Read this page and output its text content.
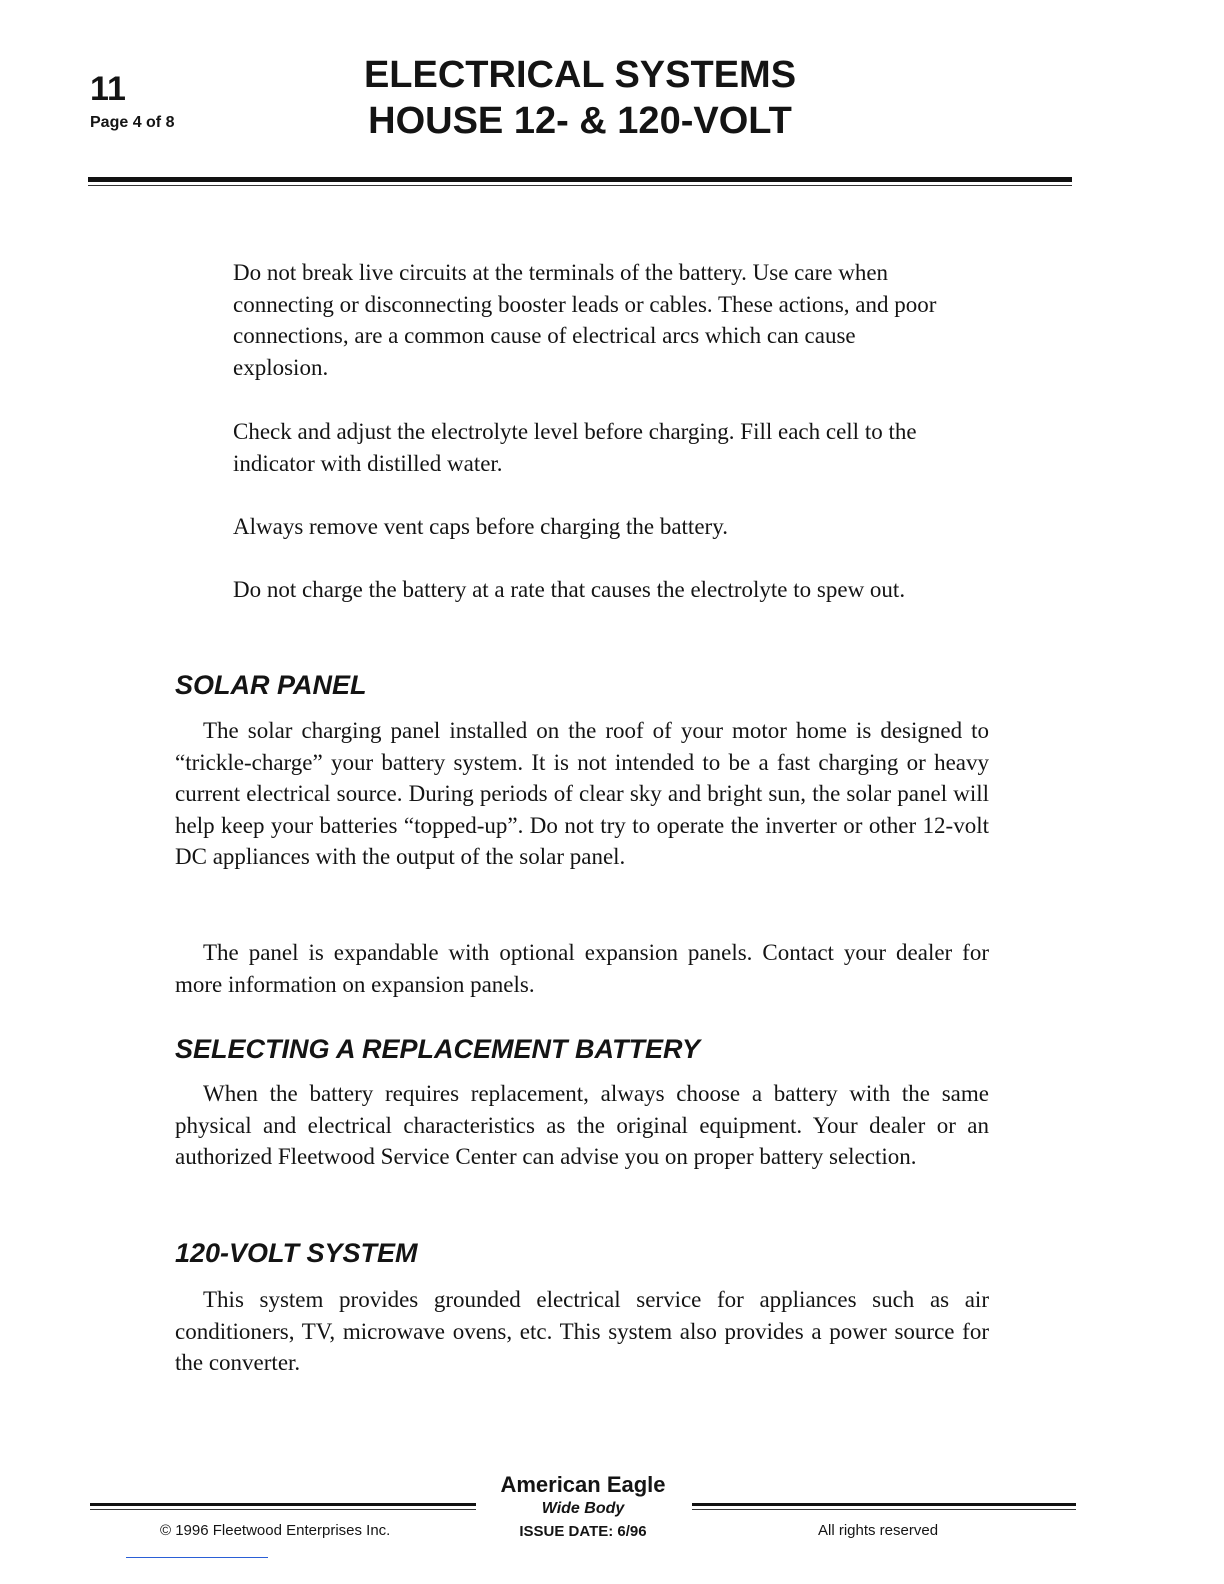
11
Page 4 of 8
ELECTRICAL SYSTEMS
HOUSE 12- & 120-VOLT
Do not break live circuits at the terminals of the battery. Use care when connecting or disconnecting booster leads or cables. These actions, and poor connections, are a common cause of electrical arcs which can cause explosion.
Check and adjust the electrolyte level before charging. Fill each cell to the indicator with distilled water.
Always remove vent caps before charging the battery.
Do not charge the battery at a rate that causes the electrolyte to spew out.
SOLAR PANEL
The solar charging panel installed on the roof of your motor home is designed to “trickle-charge” your battery system. It is not intended to be a fast charging or heavy current electrical source. During periods of clear sky and bright sun, the solar panel will help keep your batteries “topped-up”. Do not try to operate the inverter or other 12-volt DC appliances with the output of the solar panel.
The panel is expandable with optional expansion panels. Contact your dealer for more information on expansion panels.
SELECTING A REPLACEMENT BATTERY
When the battery requires replacement, always choose a battery with the same physical and electrical characteristics as the original equipment. Your dealer or an authorized Fleetwood Service Center can advise you on proper battery selection.
120-VOLT SYSTEM
This system provides grounded electrical service for appliances such as air conditioners, TV, microwave ovens, etc. This system also provides a power source for the converter.
American Eagle
Wide Body
© 1996 Fleetwood Enterprises Inc.	ISSUE DATE: 6/96	All rights reserved
